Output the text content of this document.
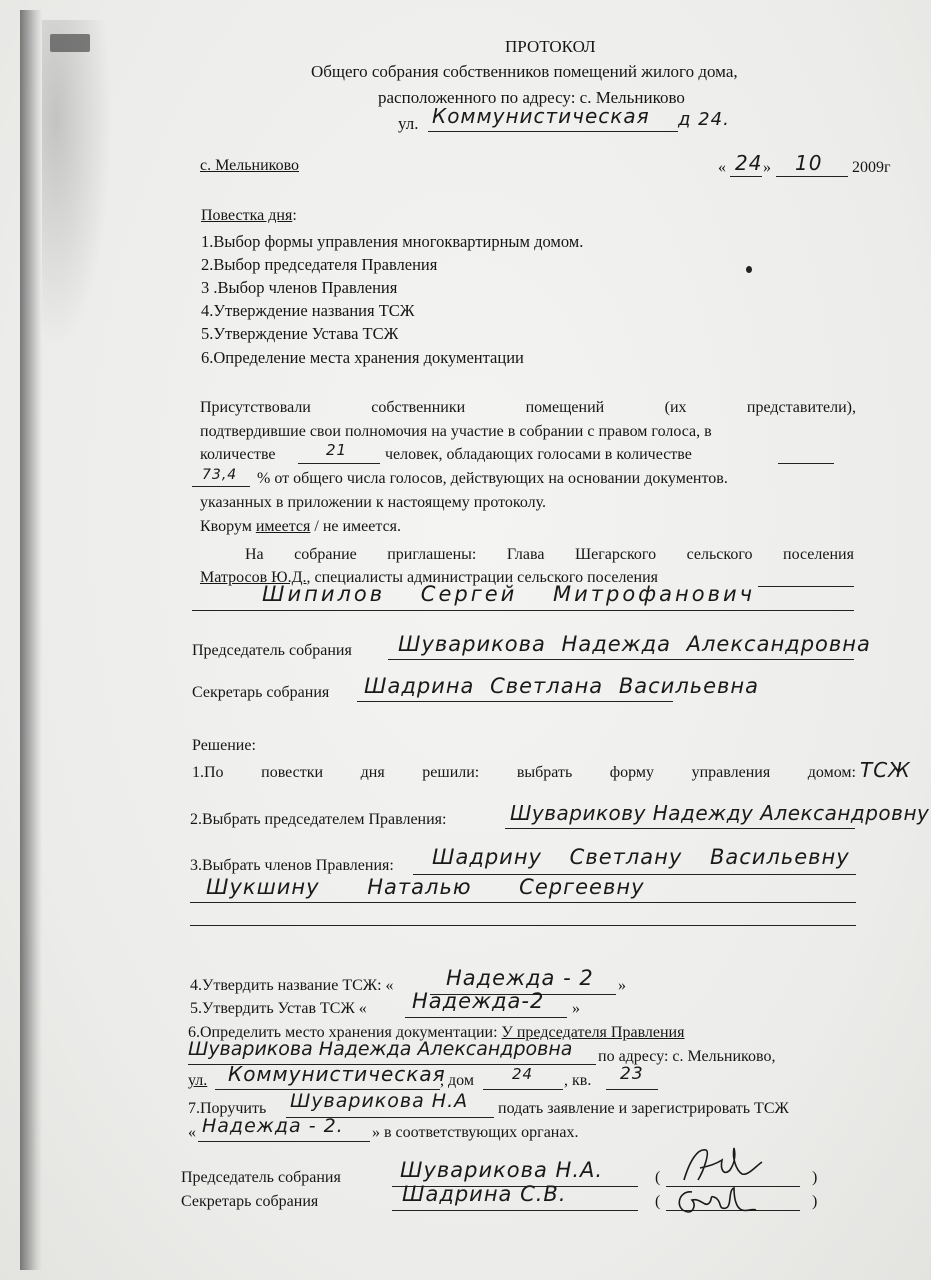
ПРОТОКОЛ
Общего собрания собственников помещений жилого дома,
расположенного по адресу: с. Мельниково
ул. Коммунистическая д 24.
с. Мельниково	« 24 » 10 2009г
Повестка дня:
1.Выбор формы управления многоквартирным домом.
2.Выбор председателя Правления
3 .Выбор членов Правления
4.Утверждение названия ТСЖ
5.Утверждение Устава ТСЖ
6.Определение места хранения документации
Присутствовали	собственники	помещений	(их	представители),
подтвердившие свои полномочия на участие в собрании с правом голоса, в
количестве	21 человек, обладающих голосами в количестве
73,4 % от общего числа голосов, действующих на основании документов.
указанных в приложении к настоящему протоколу.
Кворум имеется / не имеется.
На собрание приглашены: Глава Шегарского сельского поселения
Матросов Ю.Д., специалисты администрации сельского поселения
Шипилов Сергей Митрофанович
Председатель собрания Шуварикова Надежда Александровна
Секретарь собрания Шадрина Светлана Васильевна
Решение:
1.По повестки дня решили: выбрать форму управления домом: ТСЖ
2.Выбрать председателем Правления:	Шуварикову Надежду Александровну
3.Выбрать членов Правления: Шадрину Светлану Васильевну
Шукшину Наталью Сергеевну
4.Утвердить название ТСЖ: « Надежда - 2 »
5.Утвердить Устав ТСЖ « Надежда-2 »
6.Определить место хранения документации: У председателя Правления
Шуварикова Надежда Александровна по адресу: с. Мельниково,
ул. Коммунистическая
, дом	24 , кв. 23
7.Поручить Шуварикова Н.А подать заявление и зарегистрировать ТСЖ
« Надежда - 2. » в соответствующих органах.
Председатель собрания	Шуварикова Н.А.	(	)
Секретарь собрания	Шадрина С.В.	(	)
